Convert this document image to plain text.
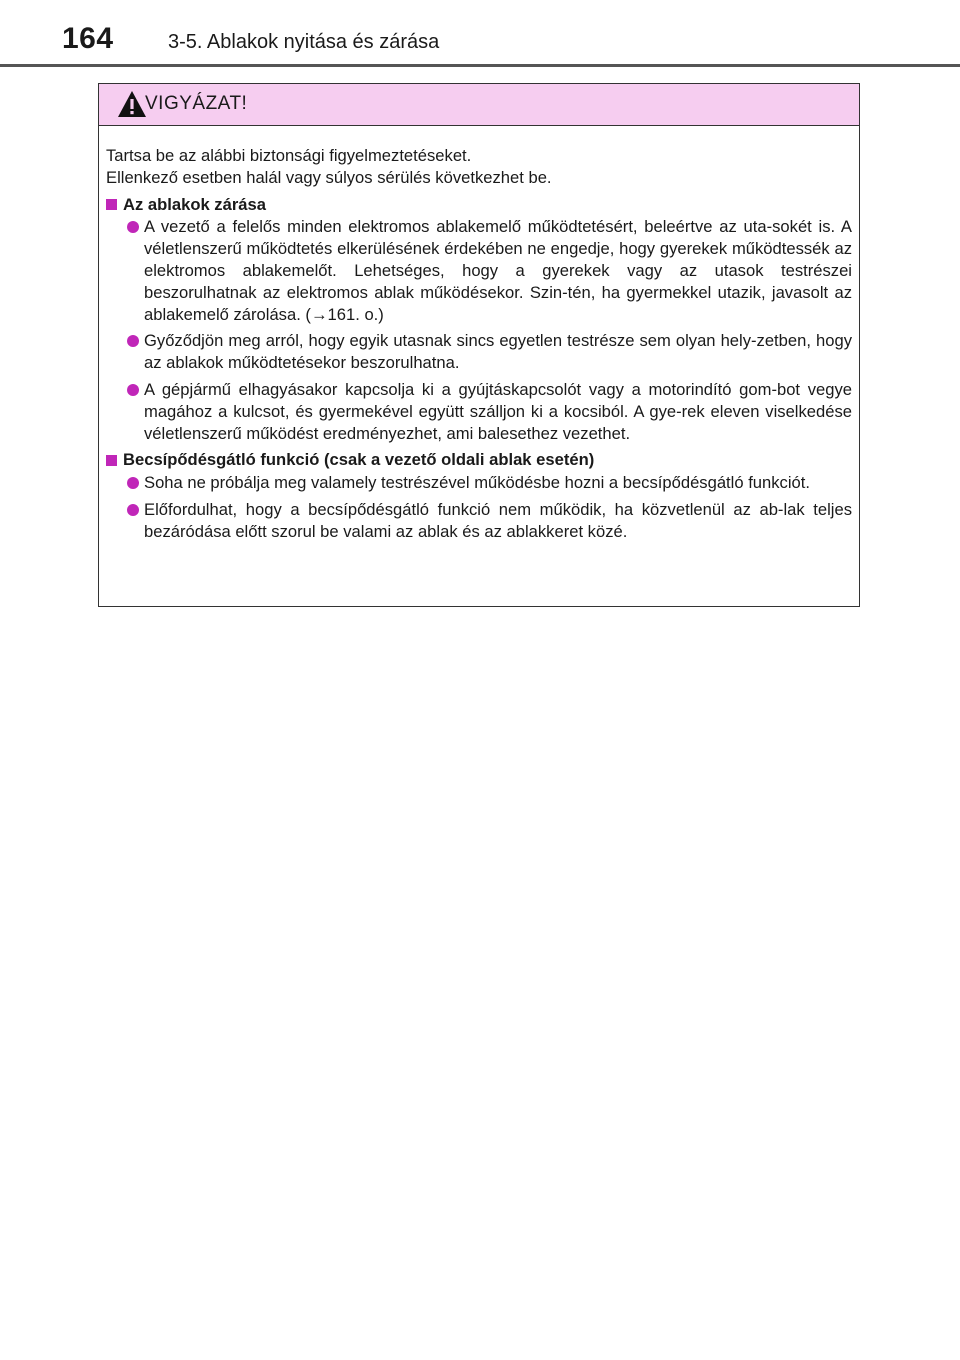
164	3-5. Ablakok nyitása és zárása
VIGYÁZAT!

Tartsa be az alábbi biztonsági figyelmeztetéseket.

Ellenkező esetben halál vagy súlyos sérülés következhet be.

Az ablakok zárása
A vezető a felelős minden elektromos ablakemelő működtetésért, beleértve az uta-sokét is. A véletlenszerű működtetés elkerülésének érdekében ne engedje, hogy gyerekek működtessék az elektromos ablakemelőt. Lehetséges, hogy a gyerekek vagy az utasok testrészei beszorulhatnak az elektromos ablak működésekor. Szin-tén, ha gyermekkel utazik, javasolt az ablakemelő zárolása. (→161. o.)
Győződjön meg arról, hogy egyik utasnak sincs egyetlen testrésze sem olyan hely-zetben, hogy az ablakok működtetésekor beszorulhatna.
A gépjármű elhagyásakor kapcsolja ki a gyújtáskapcsolót vagy a motorindító gom-bot vegye magához a kulcsot, és gyermekével együtt szálljon ki a kocsiból. A gye-rek eleven viselkedése véletlenszerű működést eredményezhet, ami balesethez vezethet.
Becsípődésgátló funkció (csak a vezető oldali ablak esetén)
Soha ne próbálja meg valamely testrészével működésbe hozni a becsípődésgátló funkciót.
Előfordulhat, hogy a becsípődésgátló funkció nem működik, ha közvetlenül az ab-lak teljes bezáródása előtt szorul be valami az ablak és az ablakkeret közé.
